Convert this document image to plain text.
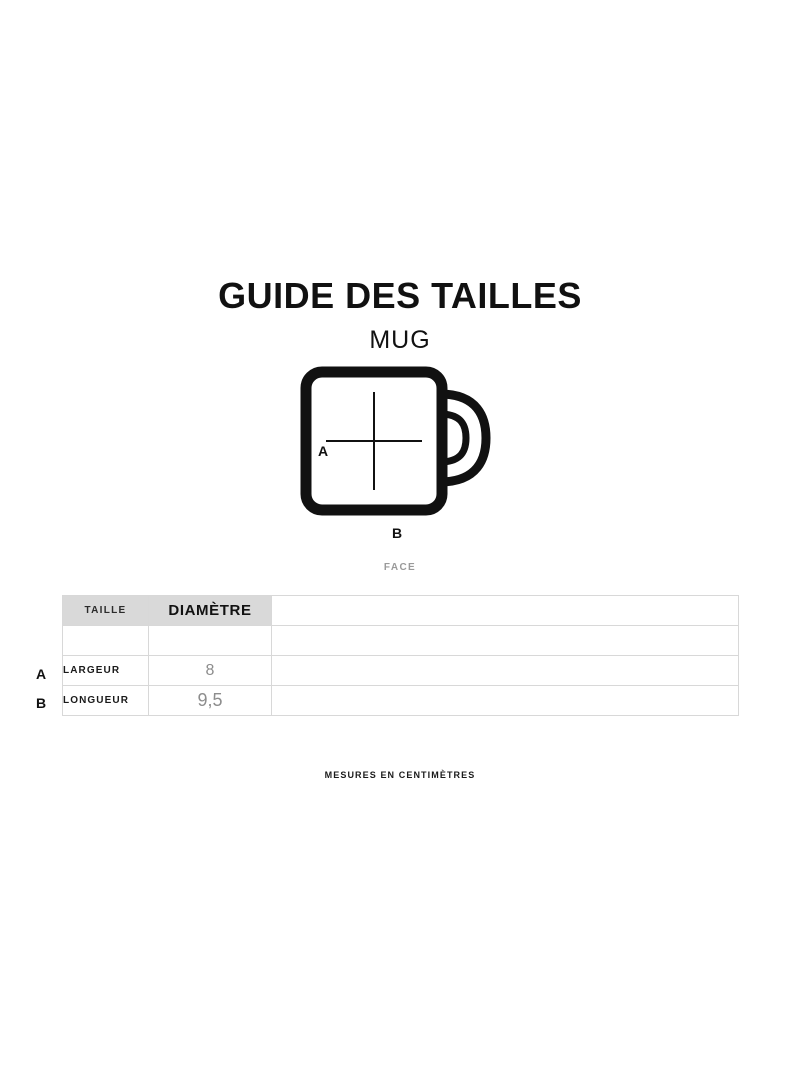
GUIDE DES TAILLES
MUG
A
B
FACE
A
B
TAILLE	DIAMÈTRE	

LARGEUR	8	
LONGUEUR	9,5	
MESURES EN CENTIMÈTRES
